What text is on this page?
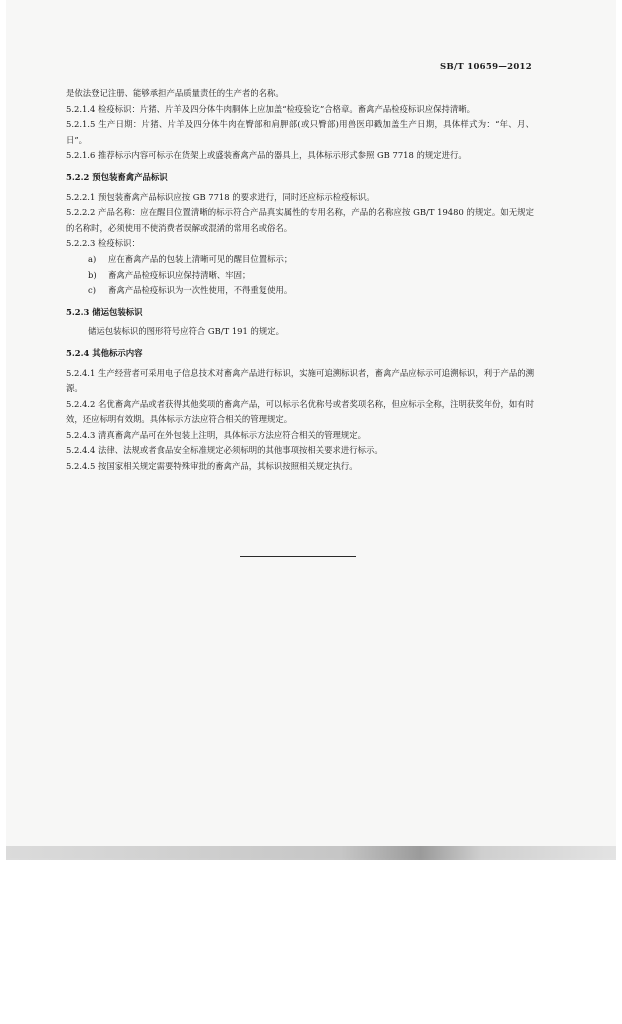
SB/T 10659—2012

是依法登记注册、能够承担产品质量责任的生产者的名称。

5.2.1.4 检疫标识：片猪、片羊及四分体牛肉胴体上应加盖“检疫验讫”合格章。畜禽产品检疫标识应保持清晰。

5.2.1.5 生产日期：片猪、片羊及四分体牛肉在臀部和肩胛部(或只臀部)用兽医印戳加盖生产日期，具体样式为：“年、月、日”。

5.2.1.6 推荐标示内容可标示在货架上或盛装畜禽产品的器具上，具体标示形式参照 GB 7718 的规定进行。

5.2.2 预包装畜禽产品标识

5.2.2.1 预包装畜禽产品标识应按 GB 7718 的要求进行，同时还应标示检疫标识。

5.2.2.2 产品名称：应在醒目位置清晰的标示符合产品真实属性的专用名称，产品的名称应按 GB/T 19480 的规定。如无规定的名称时，必须使用不使消费者误解或混淆的常用名或俗名。

5.2.2.3 检疫标识：

a)	应在畜禽产品的包装上清晰可见的醒目位置标示；
b)	畜禽产品检疫标识应保持清晰、牢固；
c)	畜禽产品检疫标识为一次性使用，不得重复使用。

5.2.3 储运包装标识

储运包装标识的图形符号应符合 GB/T 191 的规定。

5.2.4 其他标示内容

5.2.4.1 生产经营者可采用电子信息技术对畜禽产品进行标识，实施可追溯标识者，畜禽产品应标示可追溯标识，利于产品的溯源。

5.2.4.2 名优畜禽产品或者获得其他奖项的畜禽产品，可以标示名优称号或者奖项名称，但应标示全称，注明获奖年份，如有时效，还应标明有效期。具体标示方法应符合相关的管理规定。

5.2.4.3 清真畜禽产品可在外包装上注明，具体标示方法应符合相关的管理规定。

5.2.4.4 法律、法规或者食品安全标准规定必须标明的其他事项按相关要求进行标示。

5.2.4.5 按国家相关规定需要特殊审批的畜禽产品，其标识按照相关规定执行。
